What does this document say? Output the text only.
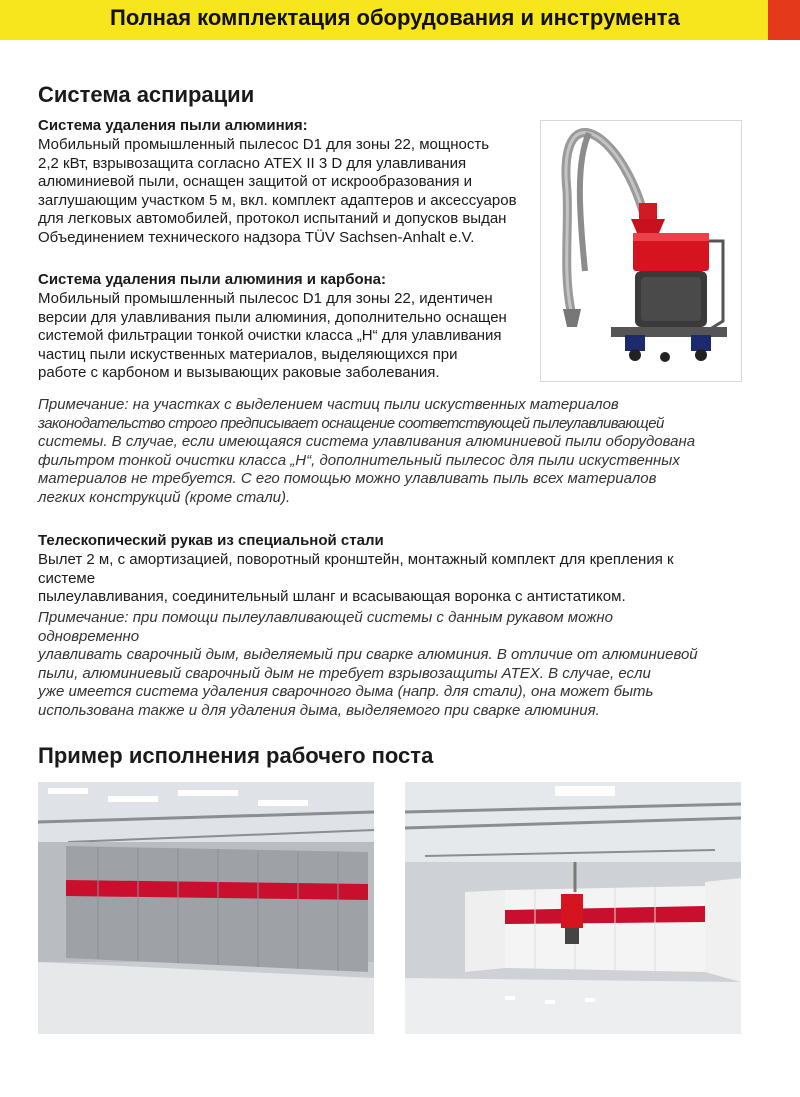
Полная комплектация оборудования и инструмента
Система аспирации
Система удаления пыли алюминия:
Мобильный промышленный пылесос D1 для зоны 22, мощность
2,2 кВт, взрывозащита согласно ATEX II 3 D для улавливания
алюминиевой пыли, оснащен защитой от искрообразования и
заглушающим участком 5 м, вкл. комплект адаптеров и аксессуаров
для легковых автомобилей, протокол испытаний и допусков выдан
Объединением технического надзора TÜV Sachsen-Anhalt e.V.
Система удаления пыли алюминия и карбона:
Мобильный промышленный пылесос D1 для зоны 22, идентичен
версии для улавливания пыли алюминия, дополнительно оснащен
системой фильтрации тонкой очистки класса „H“ для улавливания
частиц пыли искуственных материалов, выделяющихся при
работе с карбоном и вызывающих раковые заболевания.
Примечание: на участках с выделением частиц пыли искуственных материалов
законодательство строго предписывает оснащение соответствующей пылеулавливающей
системы. В случае, если имеющаяся система улавливания алюминиевой пыли оборудована
фильтром тонкой очистки класса „H“, дополнительный пылесос для пыли искуственных
материалов не требуется. С его помощью можно улавливать пыль всех материалов
легких конструкций (кроме стали).
Телескопический рукав из специальной стали
Вылет 2 м, с амортизацией, поворотный кронштейн, монтажный комплект для крепления к
системе
пылеулавливания, соединительный шланг и всасывающая воронка с антистатиком.
Примечание: при помощи пылеулавливающей системы с данным рукавом можно
одновременно
улавливать сварочный дым, выделяемый при сварке алюминия. В отличие от алюминиевой
пыли, алюминиевый сварочный дым не требует взрывозащиты ATEX. В случае, если
уже имеется система удаления сварочного дыма (напр. для стали), она может быть
использована также и для удаления дыма, выделяемого при сварке алюминия.
Пример исполнения рабочего поста
